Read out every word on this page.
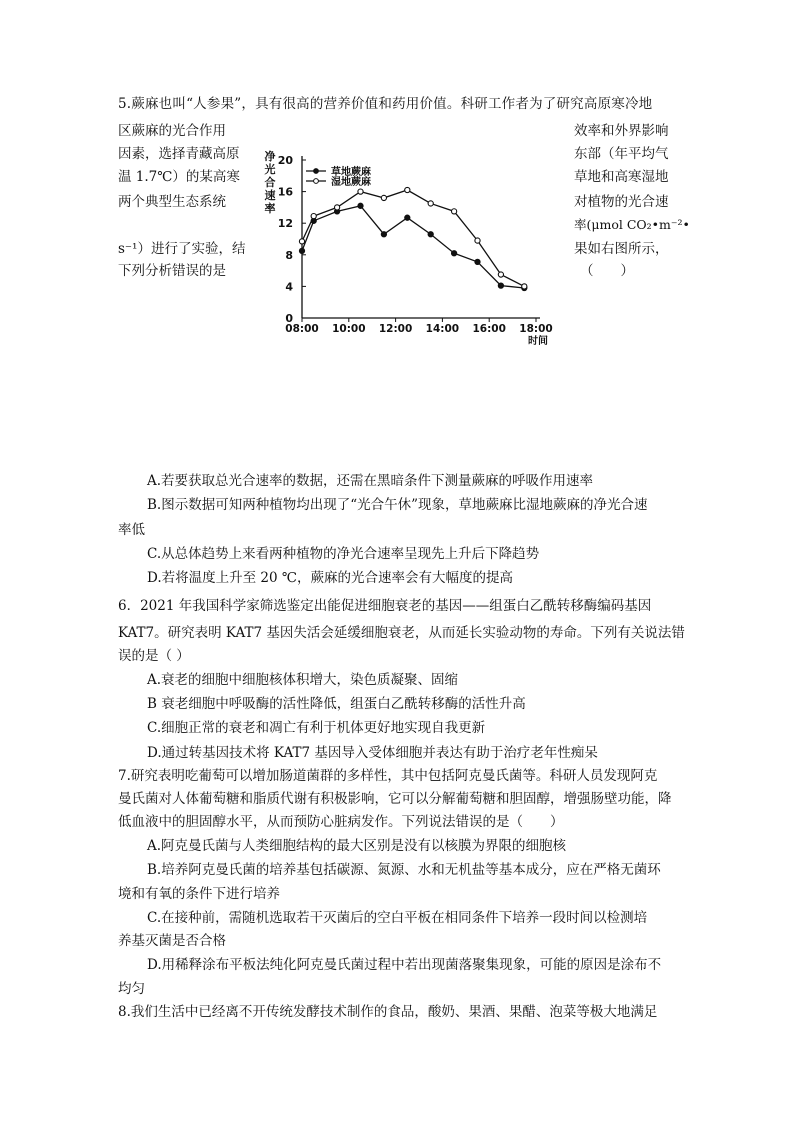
5.蕨麻也叫“人参果”，具有很高的营养价值和药用价值。科研工作者为了研究高原寒冷地
区蕨麻的光合作用
因素，选择青藏高原
温 1.7℃）的某高寒
两个典型生态系统
s⁻¹）进行了实验，结
下列分析错误的是
效率和外界影响
东部（年平均气
草地和高寒湿地
对植物的光合速
率(μmol CO₂•m⁻²•
果如右图所示，
（　　）
净
光
合
速
率
0
4
8
12
16
20
08:00 10:00 12:00 14:00 16:00 18:00
草地蕨麻
湿地蕨麻
时间
A.若要获取总光合速率的数据，还需在黑暗条件下测量蕨麻的呼吸作用速率
B.图示数据可知两种植物均出现了“光合午休”现象，草地蕨麻比湿地蕨麻的净光合速
率低
C.从总体趋势上来看两种植物的净光合速率呈现先上升后下降趋势
D.若将温度上升至 20 ℃，蕨麻的光合速率会有大幅度的提高
6．2021 年我国科学家筛选鉴定出能促进细胞衰老的基因——组蛋白乙酰转移酶编码基因
KAT7。研究表明 KAT7 基因失活会延缓细胞衰老，从而延长实验动物的寿命。下列有关说法错
误的是（ ）
A.衰老的细胞中细胞核体积增大，染色质凝聚、固缩
B 衰老细胞中呼吸酶的活性降低，组蛋白乙酰转移酶的活性升高
C.细胞正常的衰老和凋亡有利于机体更好地实现自我更新
D.通过转基因技术将 KAT7 基因导入受体细胞并表达有助于治疗老年性痴呆
7.研究表明吃葡萄可以增加肠道菌群的多样性，其中包括阿克曼氏菌等。科研人员发现阿克
曼氏菌对人体葡萄糖和脂质代谢有积极影响，它可以分解葡萄糖和胆固醇，增强肠壁功能，降
低血液中的胆固醇水平，从而预防心脏病发作。下列说法错误的是（　　）
A.阿克曼氏菌与人类细胞结构的最大区别是没有以核膜为界限的细胞核
B.培养阿克曼氏菌的培养基包括碳源、氮源、水和无机盐等基本成分，应在严格无菌环
境和有氧的条件下进行培养
C.在接种前，需随机选取若干灭菌后的空白平板在相同条件下培养一段时间以检测培
养基灭菌是否合格
D.用稀释涂布平板法纯化阿克曼氏菌过程中若出现菌落聚集现象，可能的原因是涂布不
均匀
8.我们生活中已经离不开传统发酵技术制作的食品，酸奶、果酒、果醋、泡菜等极大地满足
